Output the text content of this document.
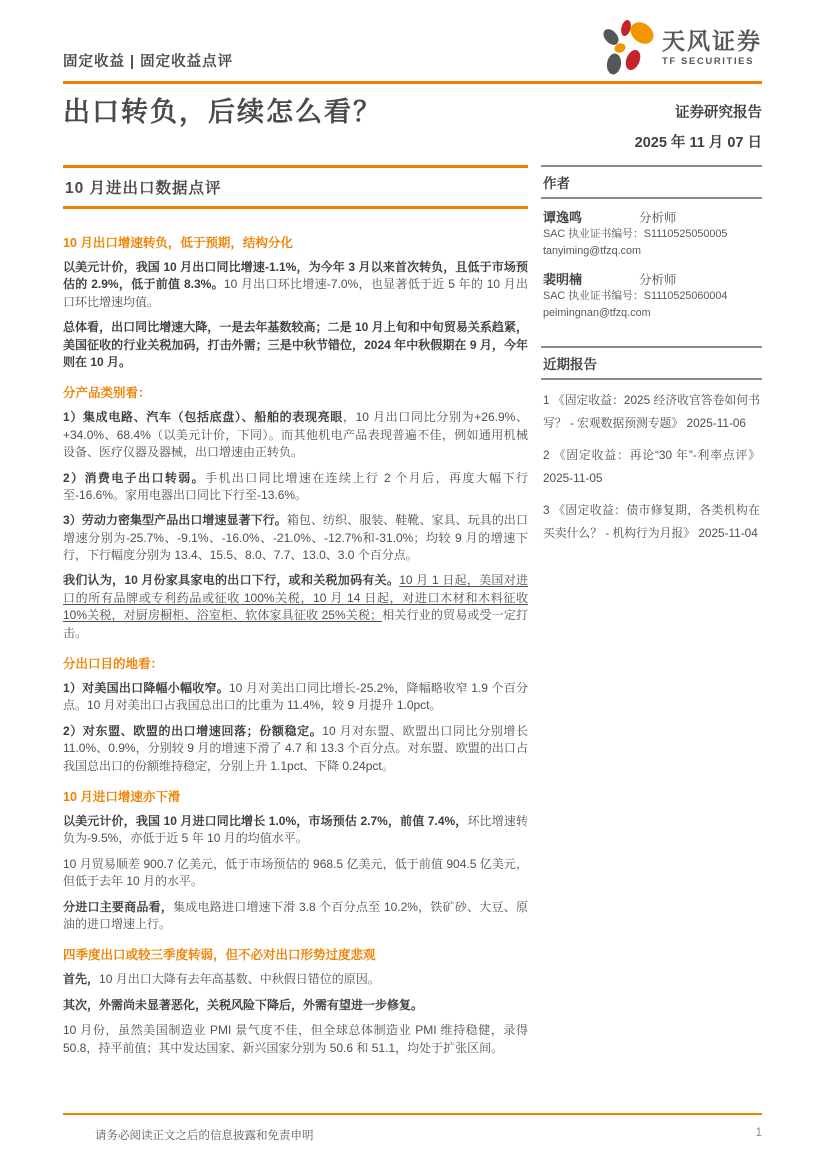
固定收益 | 固定收益点评
天风证券
TF SECURITIES
出口转负，后续怎么看？	证券研究报告
2025 年 11 月 07 日
10 月进出口数据点评
10 月出口增速转负，低于预期，结构分化

以美元计价，我国 10 月出口同比增速-1.1%，为今年 3 月以来首次转负，且低于市场预估的 2.9%，低于前值 8.3%。10 月出口环比增速-7.0%，也显著低于近 5 年的 10 月出口环比增速均值。

总体看，出口同比增速大降，一是去年基数较高；二是 10 月上旬和中旬贸易关系趋紧，美国征收的行业关税加码，打击外需；三是中秋节错位，2024 年中秋假期在 9 月，今年则在 10 月。

分产品类别看：

1）集成电路、汽车（包括底盘）、船舶的表现亮眼，10 月出口同比分别为+26.9%、+34.0%、68.4%（以美元计价，下同）。而其他机电产品表现普遍不佳，例如通用机械设备、医疗仪器及器械，出口增速由正转负。

2）消费电子出口转弱。手机出口同比增速在连续上行 2 个月后，再度大幅下行至-16.6%。家用电器出口同比下行至-13.6%。

3）劳动力密集型产品出口增速显著下行。箱包、纺织、服装、鞋靴、家具、玩具的出口增速分别为-25.7%、-9.1%、-16.0%、-21.0%、-12.7%和-31.0%；均较 9 月的增速下行，下行幅度分别为 13.4、15.5、8.0、7.7、13.0、3.0 个百分点。

我们认为，10 月份家具家电的出口下行，或和关税加码有关。10 月 1 日起，美国对进口的所有品牌或专利药品或征收 100%关税，10 月 14 日起，对进口木材和木料征收 10%关税，对厨房橱柜、浴室柜、软体家具征收 25%关税；相关行业的贸易或受一定打击。

分出口目的地看：

1）对美国出口降幅小幅收窄。10 月对美出口同比增长-25.2%，降幅略收窄 1.9 个百分点。10 月对美出口占我国总出口的比重为 11.4%，较 9 月提升 1.0pct。

2）对东盟、欧盟的出口增速回落；份额稳定。10 月对东盟、欧盟出口同比分别增长 11.0%、0.9%，分别较 9 月的增速下滑了 4.7 和 13.3 个百分点。对东盟、欧盟的出口占我国总出口的份额维持稳定，分别上升 1.1pct、下降 0.24pct。

10 月进口增速亦下滑

以美元计价，我国 10 月进口同比增长 1.0%，市场预估 2.7%，前值 7.4%，环比增速转负为-9.5%，亦低于近 5 年 10 月的均值水平。

10 月贸易顺差 900.7 亿美元，低于市场预估的 968.5 亿美元，低于前值 904.5 亿美元，但低于去年 10 月的水平。

分进口主要商品看，集成电路进口增速下滑 3.8 个百分点至 10.2%，铁矿砂、大豆、原油的进口增速上行。

四季度出口或较三季度转弱，但不必对出口形势过度悲观

首先，10 月出口大降有去年高基数、中秋假日错位的原因。

其次，外需尚未显著恶化，关税风险下降后，外需有望进一步修复。

10 月份，虽然美国制造业 PMI 景气度不佳，但全球总体制造业 PMI 维持稳健，录得 50.8，持平前值；其中发达国家、新兴国家分别为 50.6 和 51.1，均处于扩张区间。

作者
谭逸鸣	分析师
SAC 执业证书编号：S1110525050005
tanyiming@tfzq.com
裴明楠	分析师
SAC 执业证书编号：S1110525060004
peimingnan@tfzq.com
近期报告
1 《固定收益：2025 经济收官答卷如何书写？ - 宏观数据预测专题》 2025-11-06
2 《固定收益：再论“30 年”-利率点评》 2025-11-05
3 《固定收益：债市修复期，各类机构在买卖什么？ - 机构行为月报》 2025-11-04
请务必阅读正文之后的信息披露和免责申明	1
